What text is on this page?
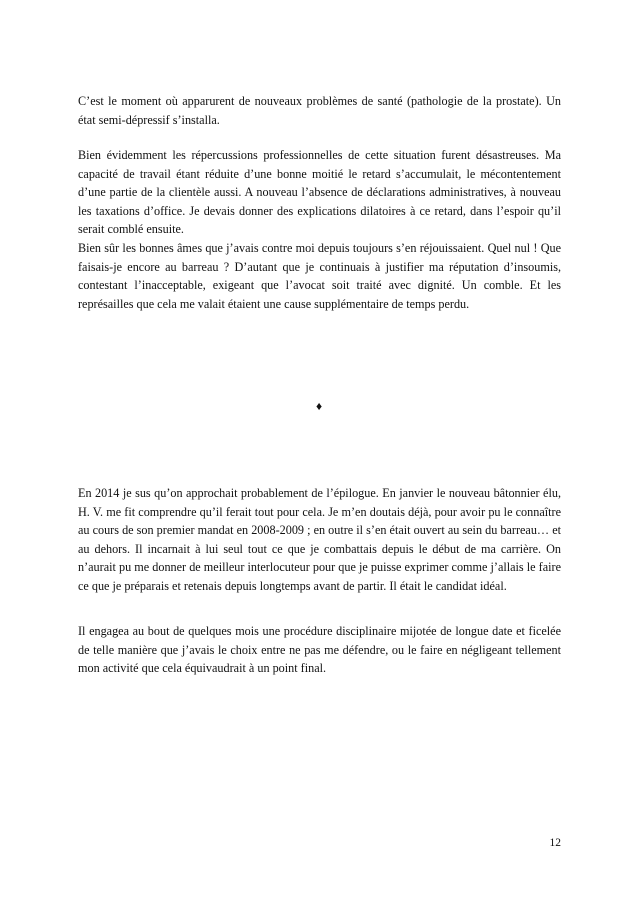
C’est le moment où apparurent de nouveaux problèmes de santé (pathologie de la prostate). Un état semi-dépressif s’installa.

Bien évidemment les répercussions professionnelles de cette situation furent désastreuses. Ma capacité de travail étant réduite d’une bonne moitié le retard s’accumulait, le mécontentement d’une partie de la clientèle aussi. A nouveau l’absence de déclarations administratives, à nouveau les taxations d’office. Je devais donner des explications dilatoires à ce retard, dans l’espoir qu’il serait comblé ensuite.

Bien sûr les bonnes âmes que j’avais contre moi depuis toujours s’en réjouissaient. Quel nul ! Que faisais-je encore au barreau ? D’autant que je continuais à justifier ma réputation d’insoumis, contestant l’inacceptable, exigeant que l’avocat soit traité avec dignité. Un comble. Et les représailles que cela me valait étaient une cause supplémentaire de temps perdu.

♦

En 2014 je sus qu’on approchait probablement de l’épilogue. En janvier le nouveau bâtonnier élu, H. V. me fit comprendre qu’il ferait tout pour cela. Je m’en doutais déjà, pour avoir pu le connaître au cours de son premier mandat en 2008-2009 ; en outre il s’en était ouvert au sein du barreau… et au dehors. Il incarnait à lui seul tout ce que je combattais depuis le début de ma carrière. On n’aurait pu me donner de meilleur interlocuteur pour que je puisse exprimer comme j’allais le faire ce que je préparais et retenais depuis longtemps avant de partir. Il était le candidat idéal.

Il engagea au bout de quelques mois une procédure disciplinaire mijotée de longue date et ficelée de telle manière que j’avais le choix entre ne pas me défendre, ou le faire en négligeant tellement mon activité que cela équivaudrait à un point final.

12
